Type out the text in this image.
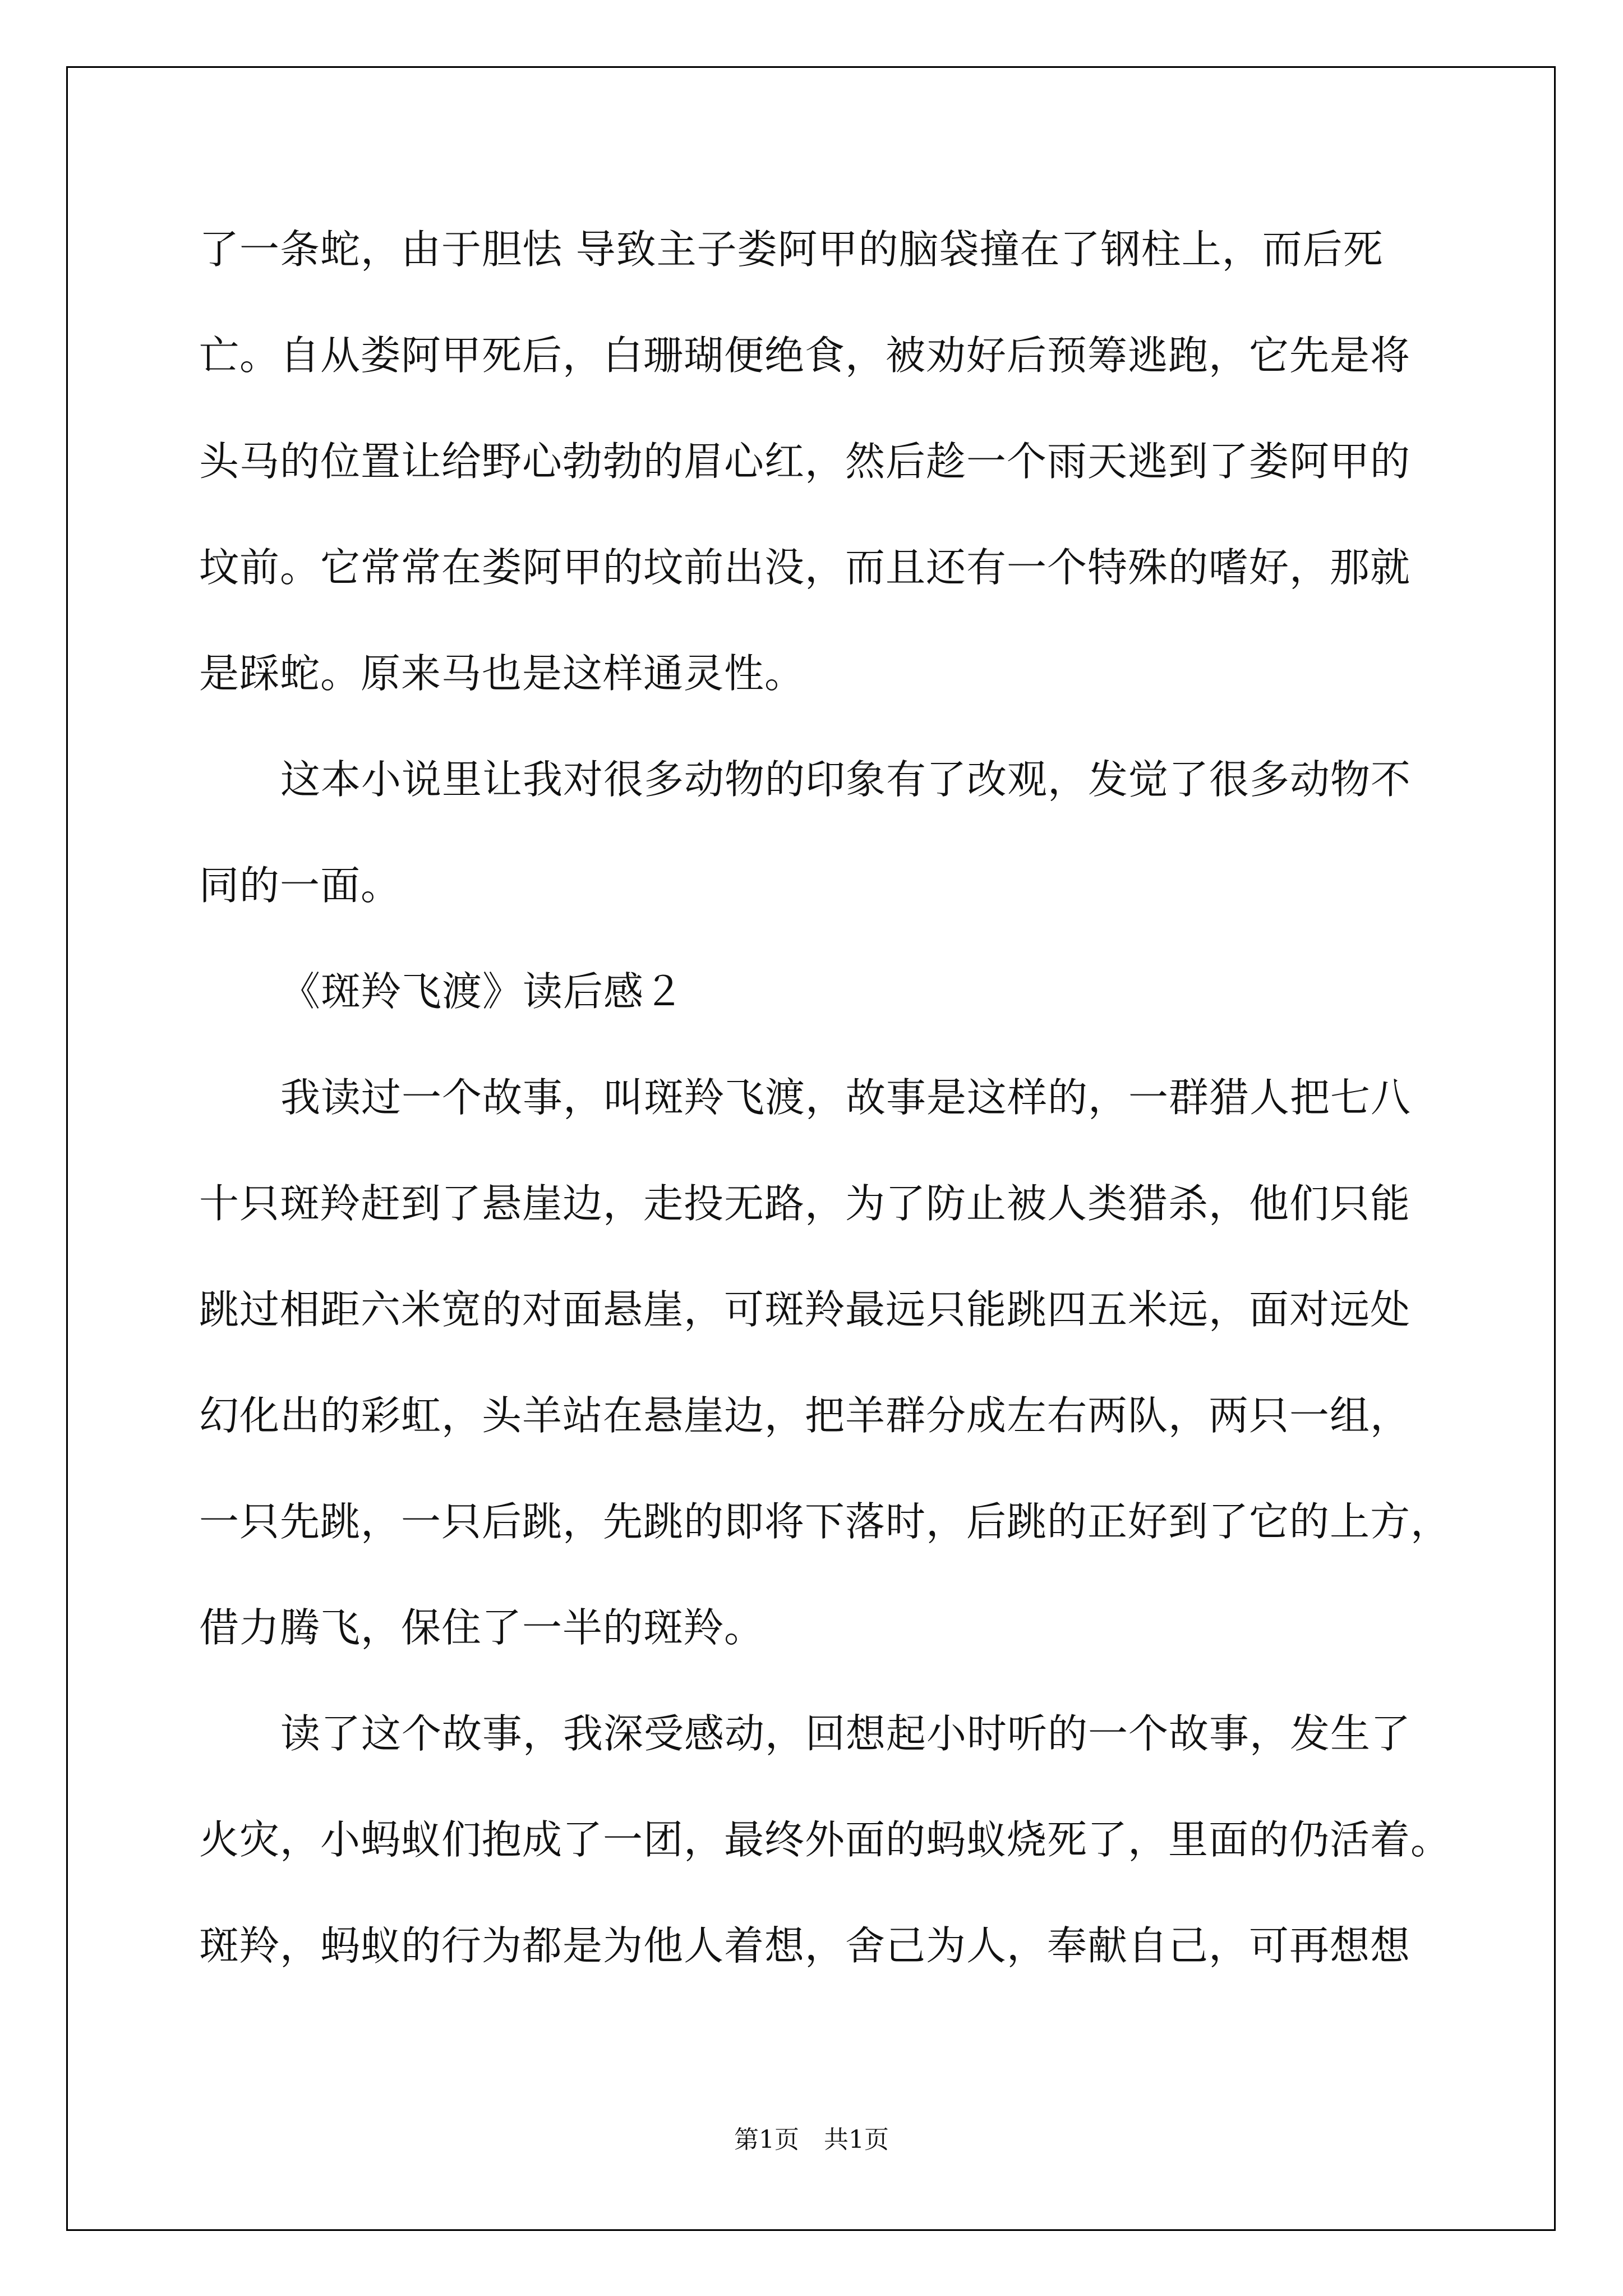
了一条蛇，由于胆怯 导致主子娄阿甲的脑袋撞在了钢柱上，而后死
亡。自从娄阿甲死后，白珊瑚便绝食，被劝好后预筹逃跑，它先是将
头马的位置让给野心勃勃的眉心红，然后趁一个雨天逃到了娄阿甲的
坟前。它常常在娄阿甲的坟前出没，而且还有一个特殊的嗜好，那就
是踩蛇。原来马也是这样通灵性。
这本小说里让我对很多动物的印象有了改观，发觉了很多动物不
同的一面。
《斑羚飞渡》读后感２
我读过一个故事，叫斑羚飞渡，故事是这样的，一群猎人把七八
十只斑羚赶到了悬崖边，走投无路，为了防止被人类猎杀，他们只能
跳过相距六米宽的对面悬崖，可斑羚最远只能跳四五米远，面对远处
幻化出的彩虹，头羊站在悬崖边，把羊群分成左右两队，两只一组，
一只先跳，一只后跳，先跳的即将下落时，后跳的正好到了它的上方，
借力腾飞，保住了一半的斑羚。
读了这个故事，我深受感动，回想起小时听的一个故事，发生了
火灾，小蚂蚁们抱成了一团，最终外面的蚂蚁烧死了，里面的仍活着。
斑羚，蚂蚁的行为都是为他人着想，舍己为人，奉献自己，可再想想
第1页　共1页
